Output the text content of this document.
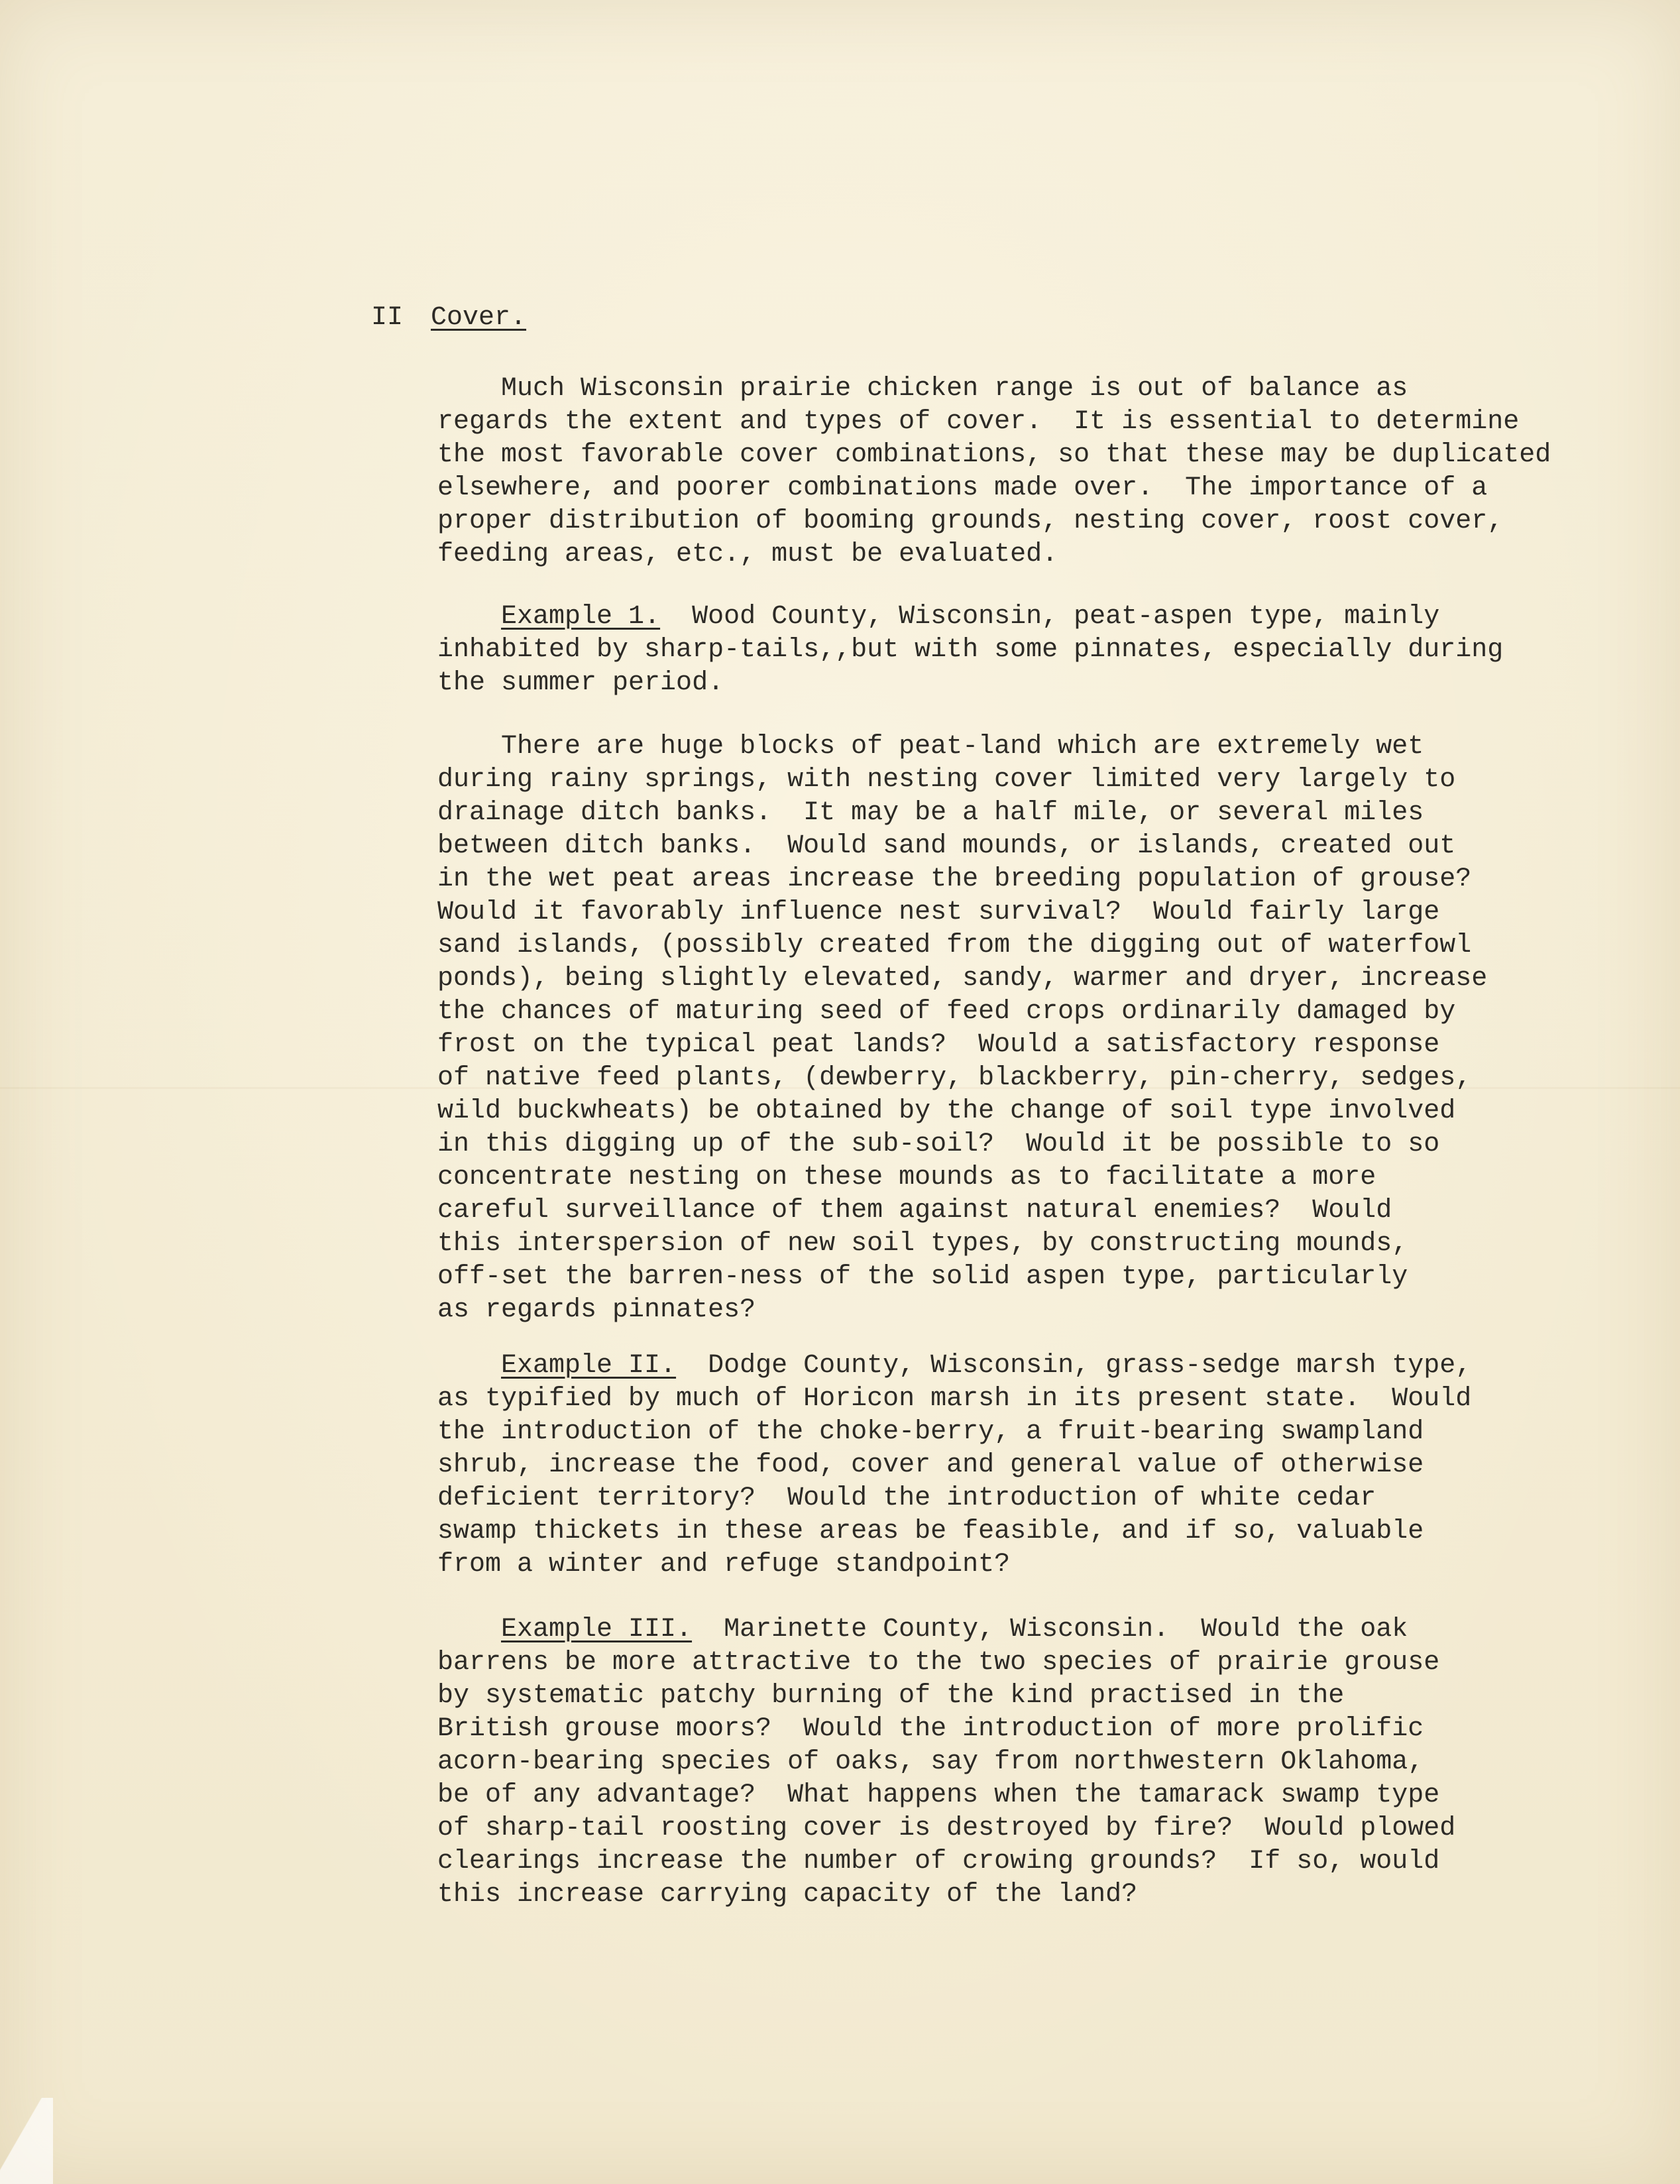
II Cover.
Much Wisconsin prairie chicken range is out of balance as
regards the extent and types of cover.  It is essential to determine
the most favorable cover combinations, so that these may be duplicated
elsewhere, and poorer combinations made over.  The importance of a
proper distribution of booming grounds, nesting cover, roost cover,
feeding areas, etc., must be evaluated.
Example 1.  Wood County, Wisconsin, peat-aspen type, mainly
inhabited by sharp-tails,,but with some pinnates, especially during
the summer period.
There are huge blocks of peat-land which are extremely wet
during rainy springs, with nesting cover limited very largely to
drainage ditch banks.  It may be a half mile, or several miles
between ditch banks.  Would sand mounds, or islands, created out
in the wet peat areas increase the breeding population of grouse?
Would it favorably influence nest survival?  Would fairly large
sand islands, (possibly created from the digging out of waterfowl
ponds), being slightly elevated, sandy, warmer and dryer, increase
the chances of maturing seed of feed crops ordinarily damaged by
frost on the typical peat lands?  Would a satisfactory response
of native feed plants, (dewberry, blackberry, pin-cherry, sedges,
wild buckwheats) be obtained by the change of soil type involved
in this digging up of the sub-soil?  Would it be possible to so
concentrate nesting on these mounds as to facilitate a more
careful surveillance of them against natural enemies?  Would
this interspersion of new soil types, by constructing mounds,
off-set the barren-ness of the solid aspen type, particularly
as regards pinnates?
Example II.  Dodge County, Wisconsin, grass-sedge marsh type,
as typified by much of Horicon marsh in its present state.  Would
the introduction of the choke-berry, a fruit-bearing swampland
shrub, increase the food, cover and general value of otherwise
deficient territory?  Would the introduction of white cedar
swamp thickets in these areas be feasible, and if so, valuable
from a winter and refuge standpoint?
Example III.  Marinette County, Wisconsin.  Would the oak
barrens be more attractive to the two species of prairie grouse
by systematic patchy burning of the kind practised in the
British grouse moors?  Would the introduction of more prolific
acorn-bearing species of oaks, say from northwestern Oklahoma,
be of any advantage?  What happens when the tamarack swamp type
of sharp-tail roosting cover is destroyed by fire?  Would plowed
clearings increase the number of crowing grounds?  If so, would
this increase carrying capacity of the land?
